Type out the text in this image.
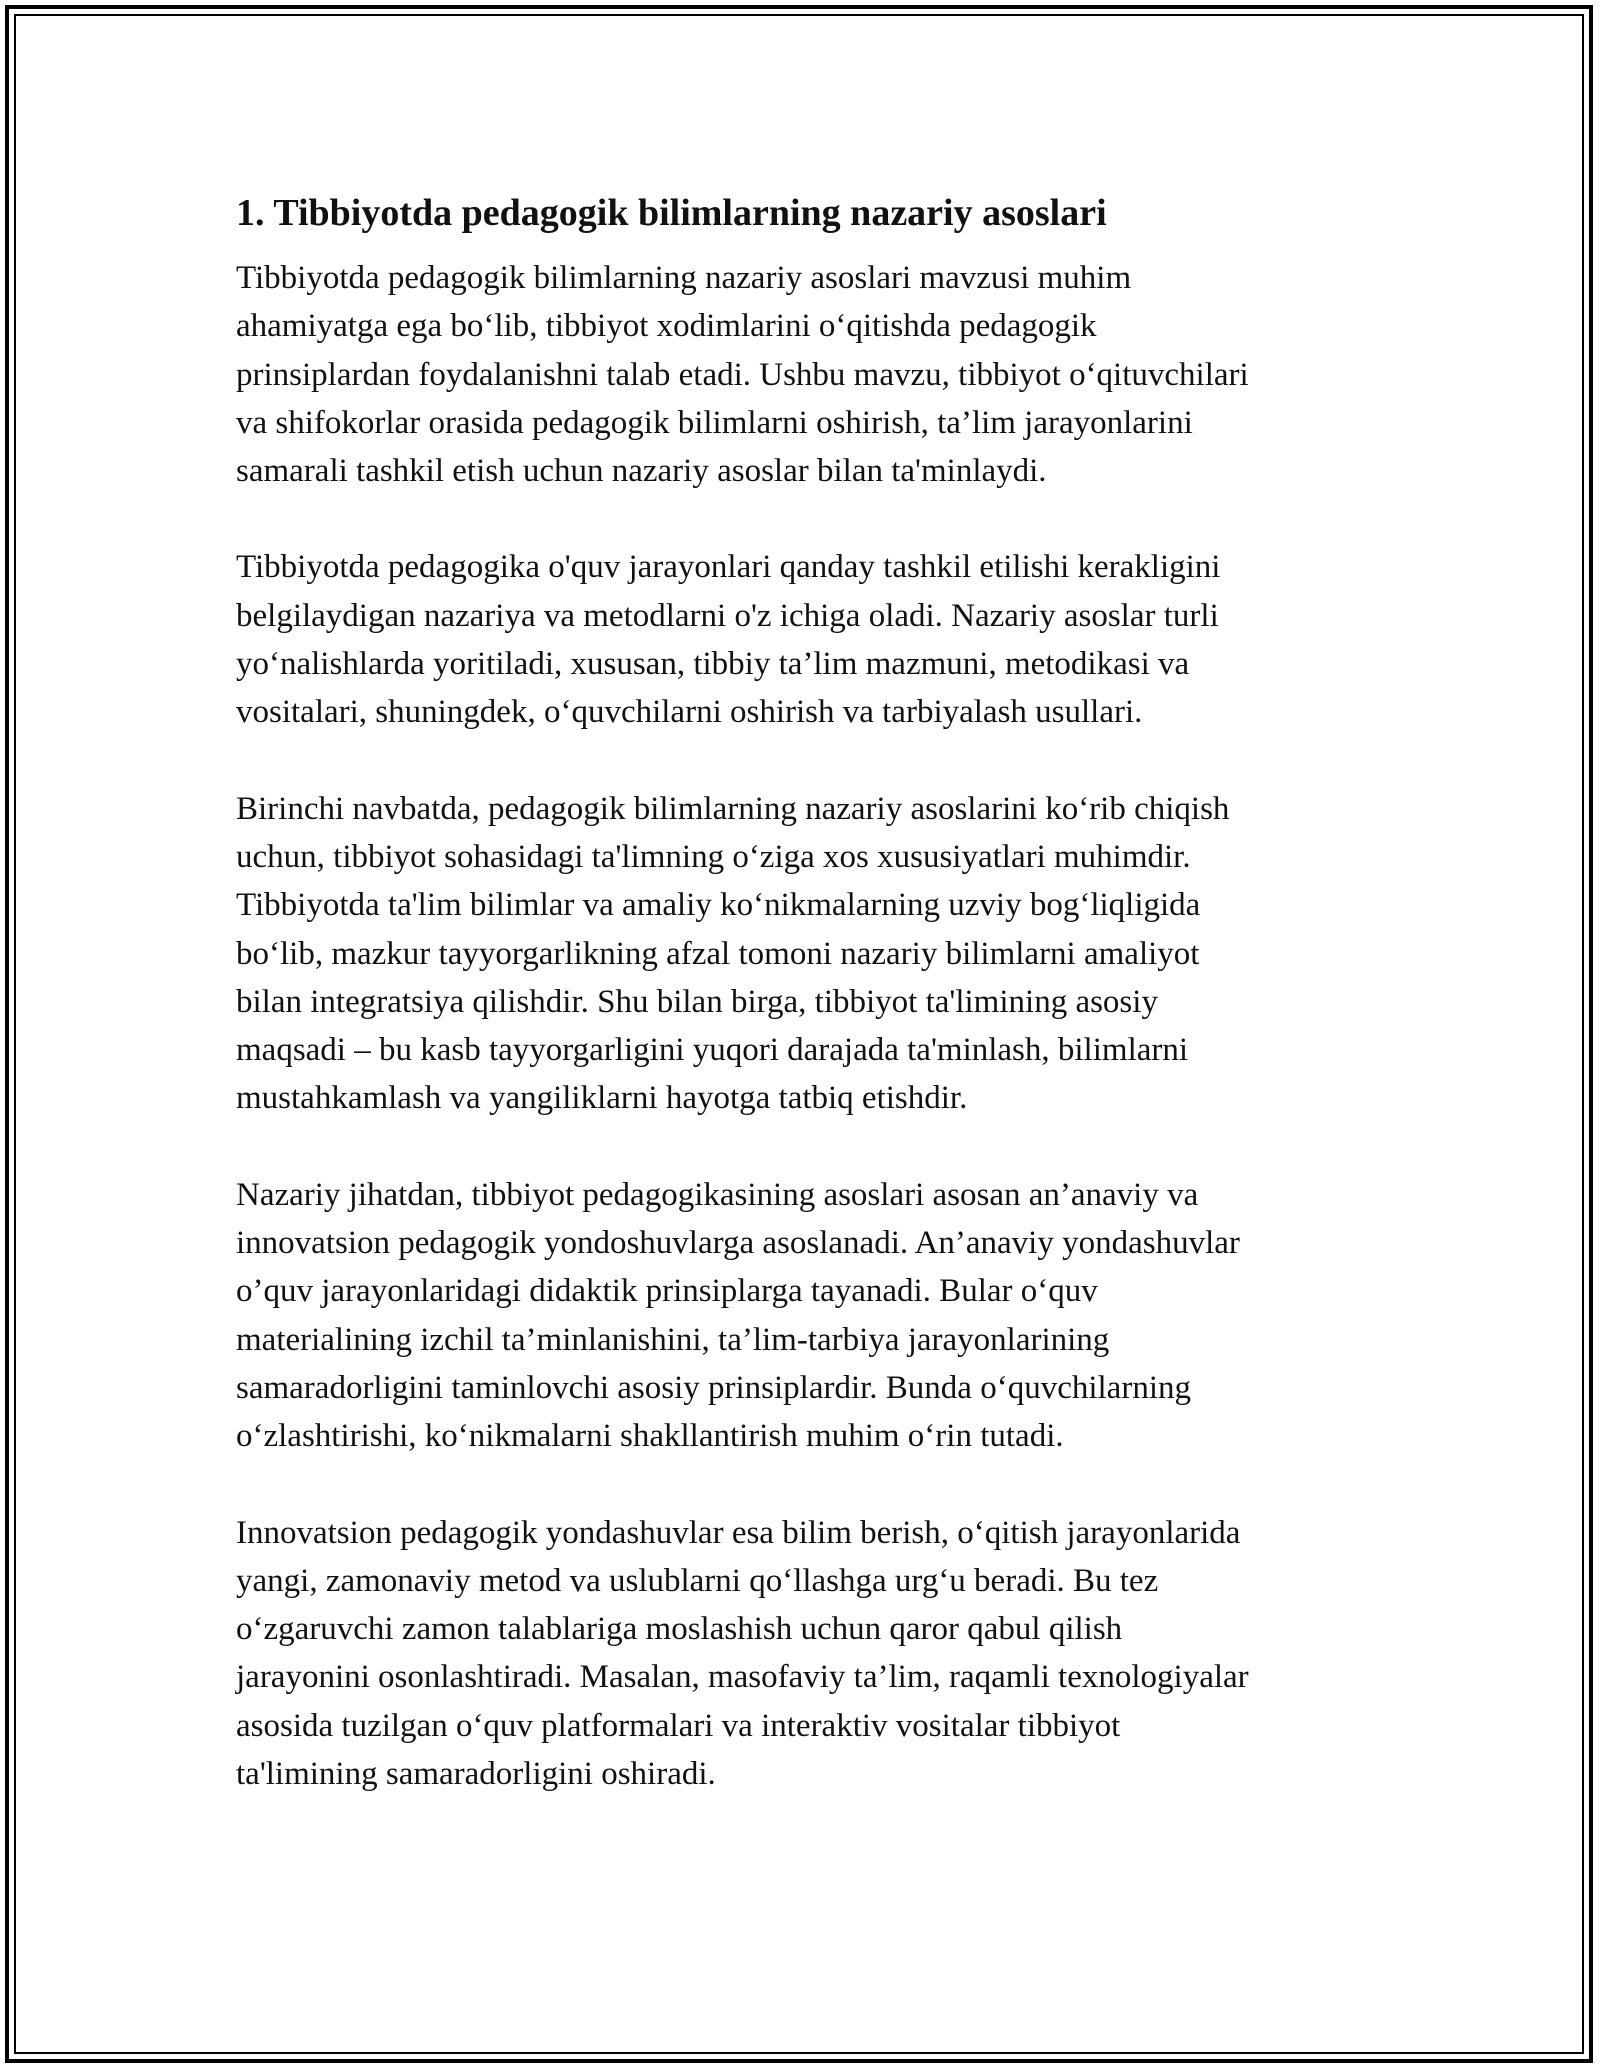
1. Tibbiyotda pedagogik bilimlarning nazariy asoslari

Tibbiyotda pedagogik bilimlarning nazariy asoslari mavzusi muhim
ahamiyatga ega bo‘lib, tibbiyot xodimlarini o‘qitishda pedagogik
prinsiplardan foydalanishni talab etadi. Ushbu mavzu, tibbiyot o‘qituvchilari
va shifokorlar orasida pedagogik bilimlarni oshirish, ta’lim jarayonlarini
samarali tashkil etish uchun nazariy asoslar bilan ta'minlaydi.

Tibbiyotda pedagogika o'quv jarayonlari qanday tashkil etilishi kerakligini
belgilaydigan nazariya va metodlarni o'z ichiga oladi. Nazariy asoslar turli
yo‘nalishlarda yoritiladi, xususan, tibbiy ta’lim mazmuni, metodikasi va
vositalari, shuningdek, o‘quvchilarni oshirish va tarbiyalash usullari.

Birinchi navbatda, pedagogik bilimlarning nazariy asoslarini ko‘rib chiqish
uchun, tibbiyot sohasidagi ta'limning o‘ziga xos xususiyatlari muhimdir.
Tibbiyotda ta'lim bilimlar va amaliy ko‘nikmalarning uzviy bog‘liqligida
bo‘lib, mazkur tayyorgarlikning afzal tomoni nazariy bilimlarni amaliyot
bilan integratsiya qilishdir. Shu bilan birga, tibbiyot ta'limining asosiy
maqsadi – bu kasb tayyorgarligini yuqori darajada ta'minlash, bilimlarni
mustahkamlash va yangiliklarni hayotga tatbiq etishdir.

Nazariy jihatdan, tibbiyot pedagogikasining asoslari asosan an’anaviy va
innovatsion pedagogik yondoshuvlarga asoslanadi. An’anaviy yondashuvlar
o’quv jarayonlaridagi didaktik prinsiplarga tayanadi. Bular o‘quv
materialining izchil ta’minlanishini, ta’lim-tarbiya jarayonlarining
samaradorligini taminlovchi asosiy prinsiplardir. Bunda o‘quvchilarning
o‘zlashtirishi, ko‘nikmalarni shakllantirish muhim o‘rin tutadi.

Innovatsion pedagogik yondashuvlar esa bilim berish, o‘qitish jarayonlarida
yangi, zamonaviy metod va uslublarni qo‘llashga urg‘u beradi. Bu tez
o‘zgaruvchi zamon talablariga moslashish uchun qaror qabul qilish
jarayonini osonlashtiradi. Masalan, masofaviy ta’lim, raqamli texnologiyalar
asosida tuzilgan o‘quv platformalari va interaktiv vositalar tibbiyot
ta'limining samaradorligini oshiradi.
